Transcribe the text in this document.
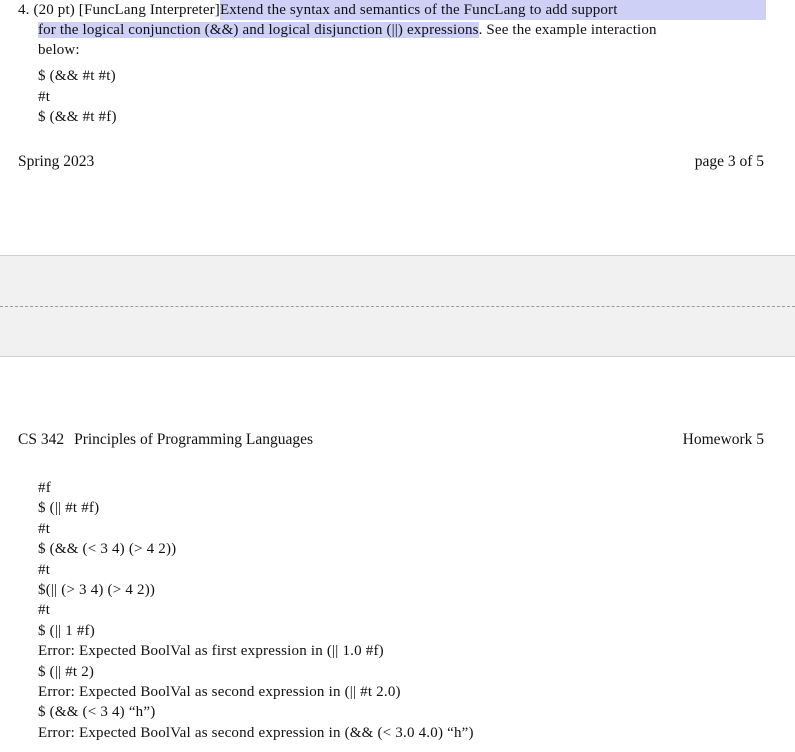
4. (20 pt) [FuncLang Interpreter] Extend the syntax and semantics of the FuncLang to add support
for the logical conjunction (&&) and logical disjunction (||) expressions. See the example interaction
below:
$ (&& #t #t)
#t
$ (&& #t #f)
Spring 2023	page 3 of 5
CS 342 Principles of Programming Languages	Homework 5
#f
$ (|| #t #f)
#t
$ (&& (< 3 4) (> 4 2))
#t
$(|| (> 3 4) (> 4 2))
#t
$ (|| 1 #f)
Error: Expected BoolVal as first expression in (|| 1.0 #f)
$ (|| #t 2)
Error: Expected BoolVal as second expression in (|| #t 2.0)
$ (&& (< 3 4) “h”)
Error: Expected BoolVal as second expression in (&& (< 3.0 4.0) “h”)
